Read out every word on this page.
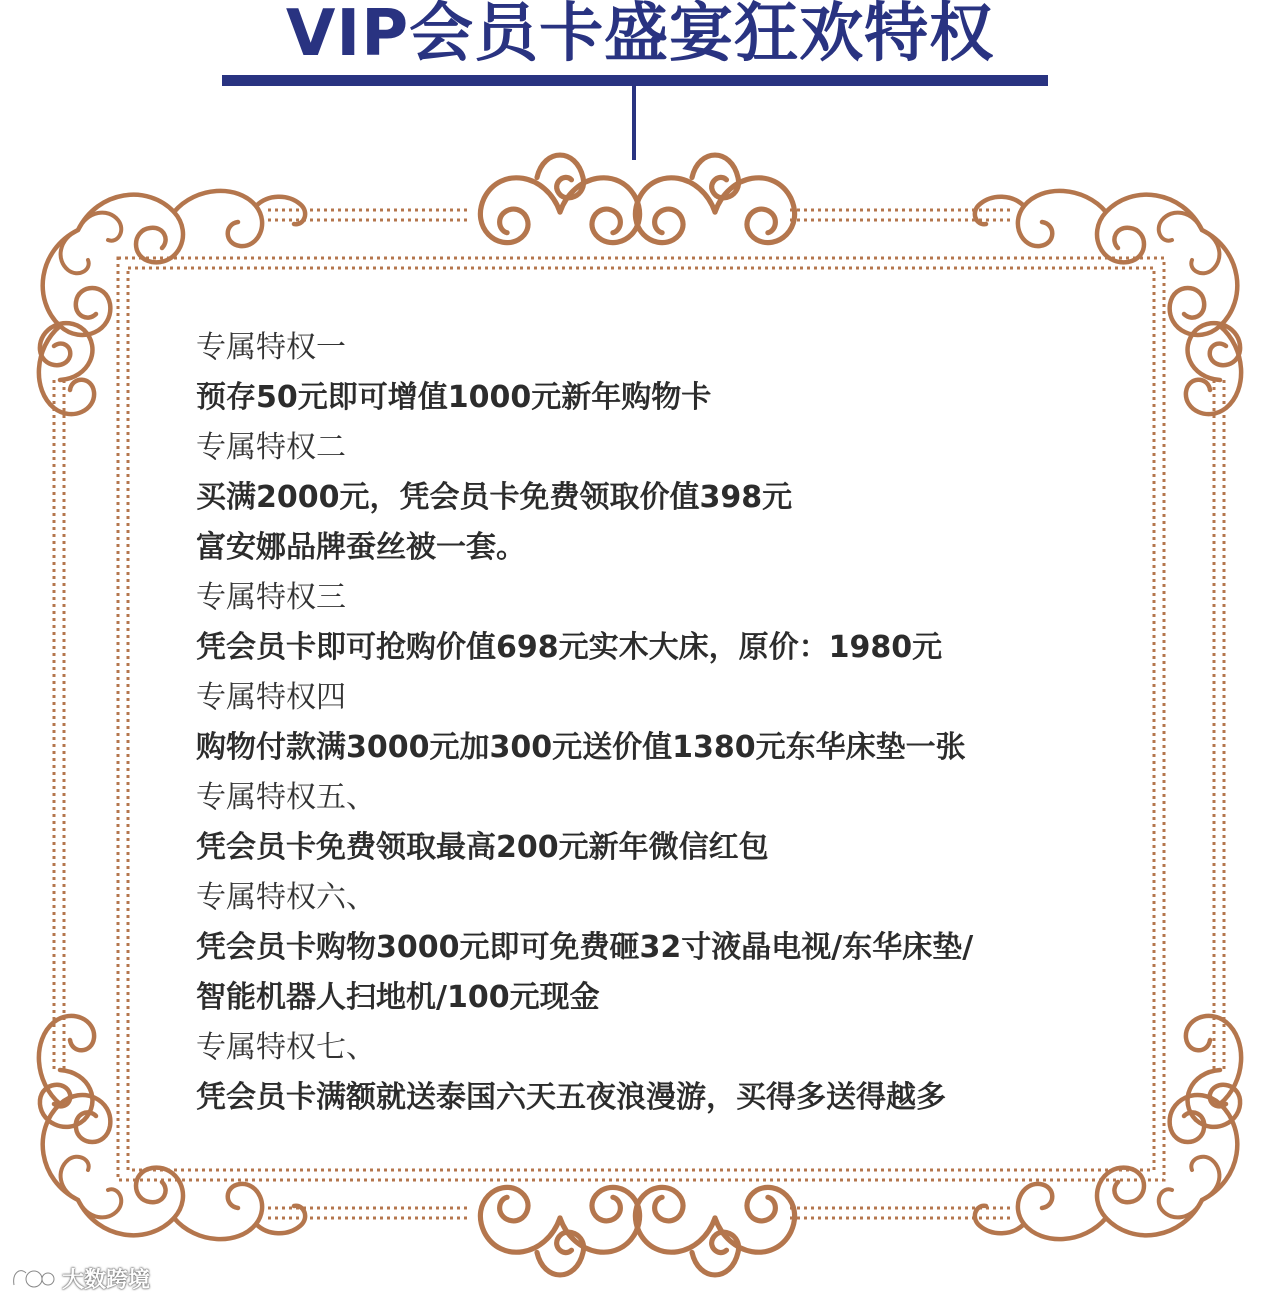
VIP会员卡盛宴狂欢特权
专属特权一
预存50元即可增值1000元新年购物卡
专属特权二
买满2000元，凭会员卡免费领取价值398元
富安娜品牌蚕丝被一套。
专属特权三
凭会员卡即可抢购价值698元实木大床，原价：1980元
专属特权四
购物付款满3000元加300元送价值1380元东华床垫一张
专属特权五、
凭会员卡免费领取最高200元新年微信红包
专属特权六、
凭会员卡购物3000元即可免费砸32寸液晶电视/东华床垫/
智能机器人扫地机/100元现金
专属特权七、
凭会员卡满额就送泰国六天五夜浪漫游，买得多送得越多
大数跨境
